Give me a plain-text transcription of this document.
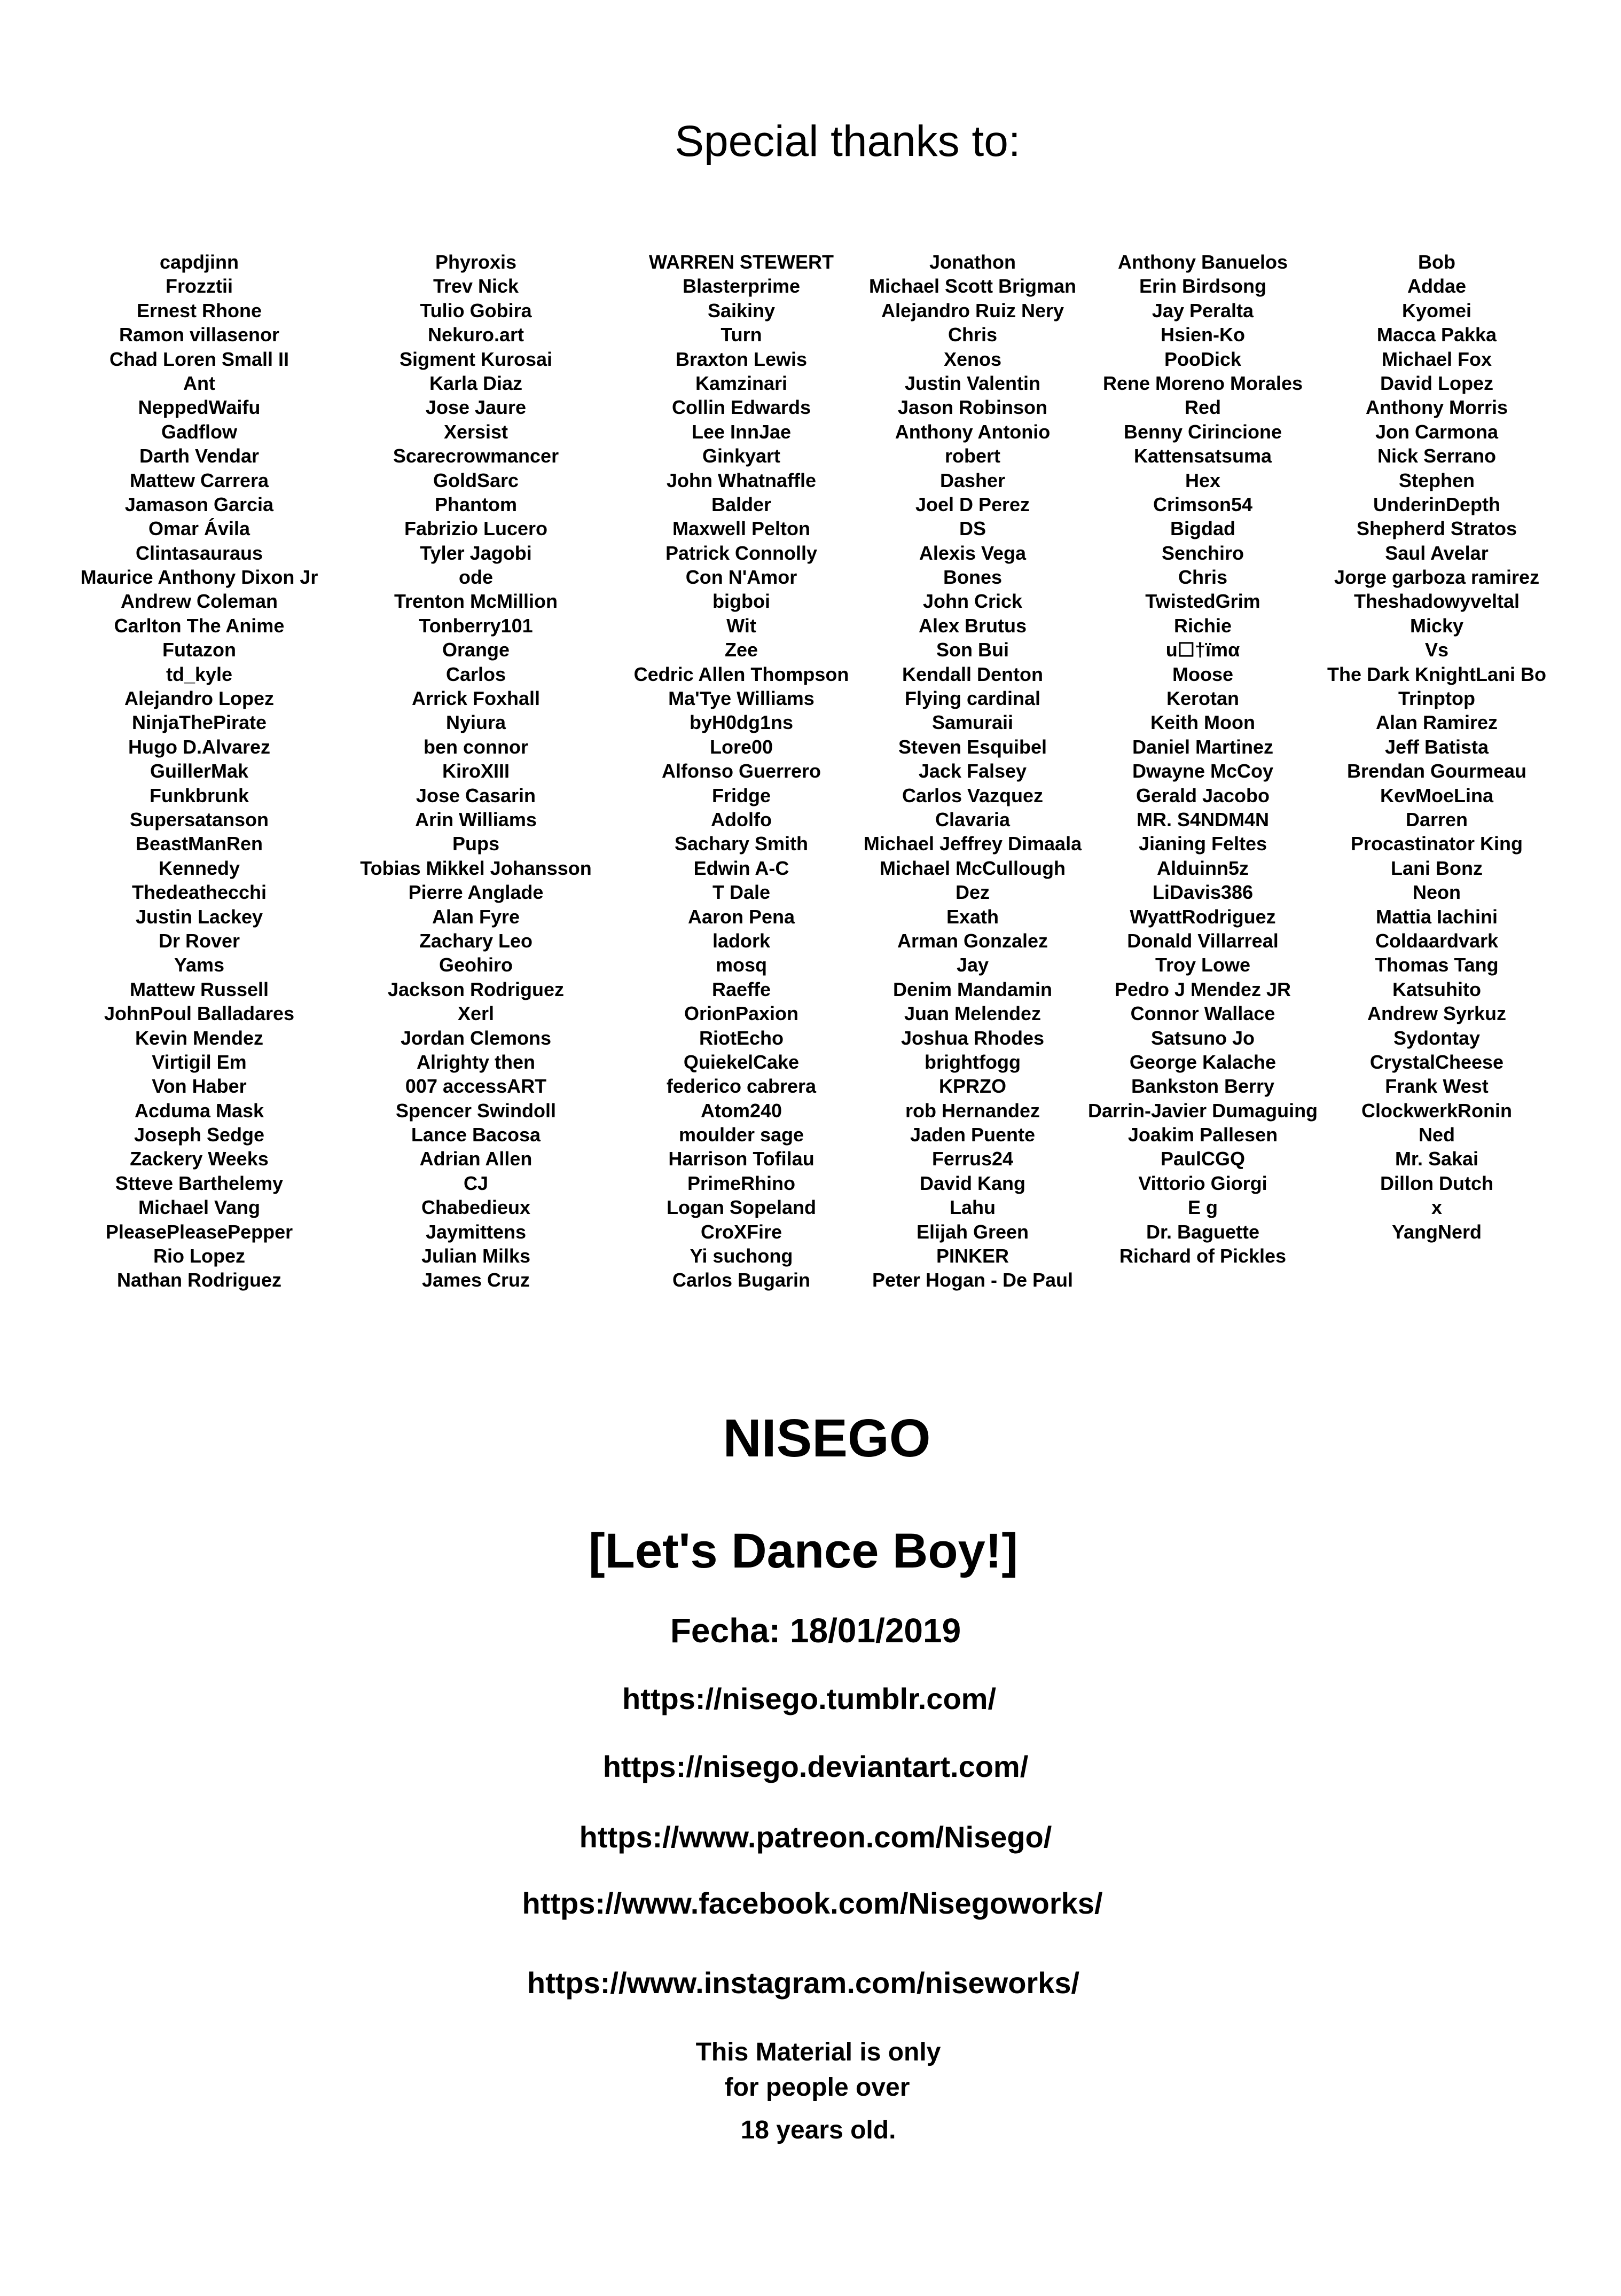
Special thanks to:
capdjinn
Frozztii
Ernest Rhone
Ramon villasenor
Chad Loren Small II
Ant
NeppedWaifu
Gadflow
Darth Vendar
Mattew Carrera
Jamason Garcia
Omar Ávila
Clintasauraus
Maurice Anthony Dixon Jr
Andrew Coleman
Carlton The Anime
Futazon
td_kyle
Alejandro Lopez
NinjaThePirate
Hugo D.Alvarez
GuillerMak
Funkbrunk
Supersatanson
BeastManRen
Kennedy
Thedeathecchi
Justin Lackey
Dr Rover
Yams
Mattew Russell
JohnPoul Balladares
Kevin Mendez
Virtigil Em
Von Haber
Acduma Mask
Joseph Sedge
Zackery Weeks
Stteve Barthelemy
Michael Vang
PleasePleasePepper
Rio Lopez
Nathan Rodriguez
Phyroxis
Trev Nick
Tulio Gobira
Nekuro.art
Sigment Kurosai
Karla Diaz
Jose Jaure
Xersist
Scarecrowmancer
GoldSarc
Phantom
Fabrizio Lucero
Tyler Jagobi
ode
Trenton McMillion
Tonberry101
Orange
Carlos
Arrick Foxhall
Nyiura
ben connor
KiroXIII
Jose Casarin
Arin Williams
Pups
Tobias Mikkel Johansson
Pierre Anglade
Alan Fyre
Zachary Leo
Geohiro
Jackson Rodriguez
Xerl
Jordan Clemons
Alrighty then
007 accessART
Spencer Swindoll
Lance Bacosa
Adrian Allen
CJ
Chabedieux
Jaymittens
Julian Milks
James Cruz
WARREN STEWERT
Blasterprime
Saikiny
Turn
Braxton Lewis
Kamzinari
Collin Edwards
Lee InnJae
Ginkyart
John Whatnaffle
Balder
Maxwell Pelton
Patrick Connolly
Con N'Amor
bigboi
Wit
Zee
Cedric Allen Thompson
Ma'Tye Williams
byH0dg1ns
Lore00
Alfonso Guerrero
Fridge
Adolfo
Sachary Smith
Edwin A-C
T Dale
Aaron Pena
ladork
mosq
Raeffe
OrionPaxion
RiotEcho
QuiekelCake
federico cabrera
Atom240
moulder sage
Harrison Tofilau
PrimeRhino
Logan Sopeland
CroXFire
Yi suchong
Carlos Bugarin
Jonathon
Michael Scott Brigman
Alejandro Ruiz Nery
Chris
Xenos
Justin Valentin
Jason Robinson
Anthony Antonio
robert
Dasher
Joel D Perez
DS
Alexis Vega
Bones
John Crick
Alex Brutus
Son Bui
Kendall Denton
Flying cardinal
Samuraii
Steven Esquibel
Jack Falsey
Carlos Vazquez
Clavaria
Michael Jeffrey Dimaala
Michael McCullough
Dez
Exath
Arman Gonzalez
Jay
Denim Mandamin
Juan Melendez
Joshua Rhodes
brightfogg
KPRZO
rob Hernandez
Jaden Puente
Ferrus24
David Kang
Lahu
Elijah Green
PINKER
Peter Hogan - De Paul
Anthony Banuelos
Erin Birdsong
Jay Peralta
Hsien-Ko
PooDick
Rene Moreno Morales
Red
Benny Cirincione
Kattensatsuma
Hex
Crimson54
Bigdad
Senchiro
Chris
TwistedGrim
Richie
u☐†ïmα
Moose
Kerotan
Keith Moon
Daniel Martinez
Dwayne McCoy
Gerald Jacobo
MR. S4NDM4N
Jianing Feltes
Alduinn5z
LiDavis386
WyattRodriguez
Donald Villarreal
Troy Lowe
Pedro J Mendez JR
Connor Wallace
Satsuno Jo
George Kalache
Bankston Berry
Darrin-Javier Dumaguing
Joakim Pallesen
PaulCGQ
Vittorio Giorgi
E g
Dr. Baguette
Richard of Pickles
Bob
Addae
Kyomei
Macca Pakka
Michael Fox
David Lopez
Anthony Morris
Jon Carmona
Nick Serrano
Stephen
UnderinDepth
Shepherd Stratos
Saul Avelar
Jorge garboza ramirez
Theshadowyveltal
Micky
Vs
The Dark KnightLani Bo
Trinptop
Alan Ramirez
Jeff Batista
Brendan Gourmeau
KevMoeLina
Darren
Procastinator King
Lani Bonz
Neon
Mattia Iachini
Coldaardvark
Thomas Tang
Katsuhito
Andrew Syrkuz
Sydontay
CrystalCheese
Frank West
ClockwerkRonin
Ned
Mr. Sakai
Dillon Dutch
x
YangNerd
NISEGO
[Let's Dance Boy!]
Fecha: 18/01/2019
https://nisego.tumblr.com/
https://nisego.deviantart.com/
https://www.patreon.com/Nisego/
https://www.facebook.com/Nisegoworks/
https://www.instagram.com/niseworks/
This Material is only
for people over
18 years old.
